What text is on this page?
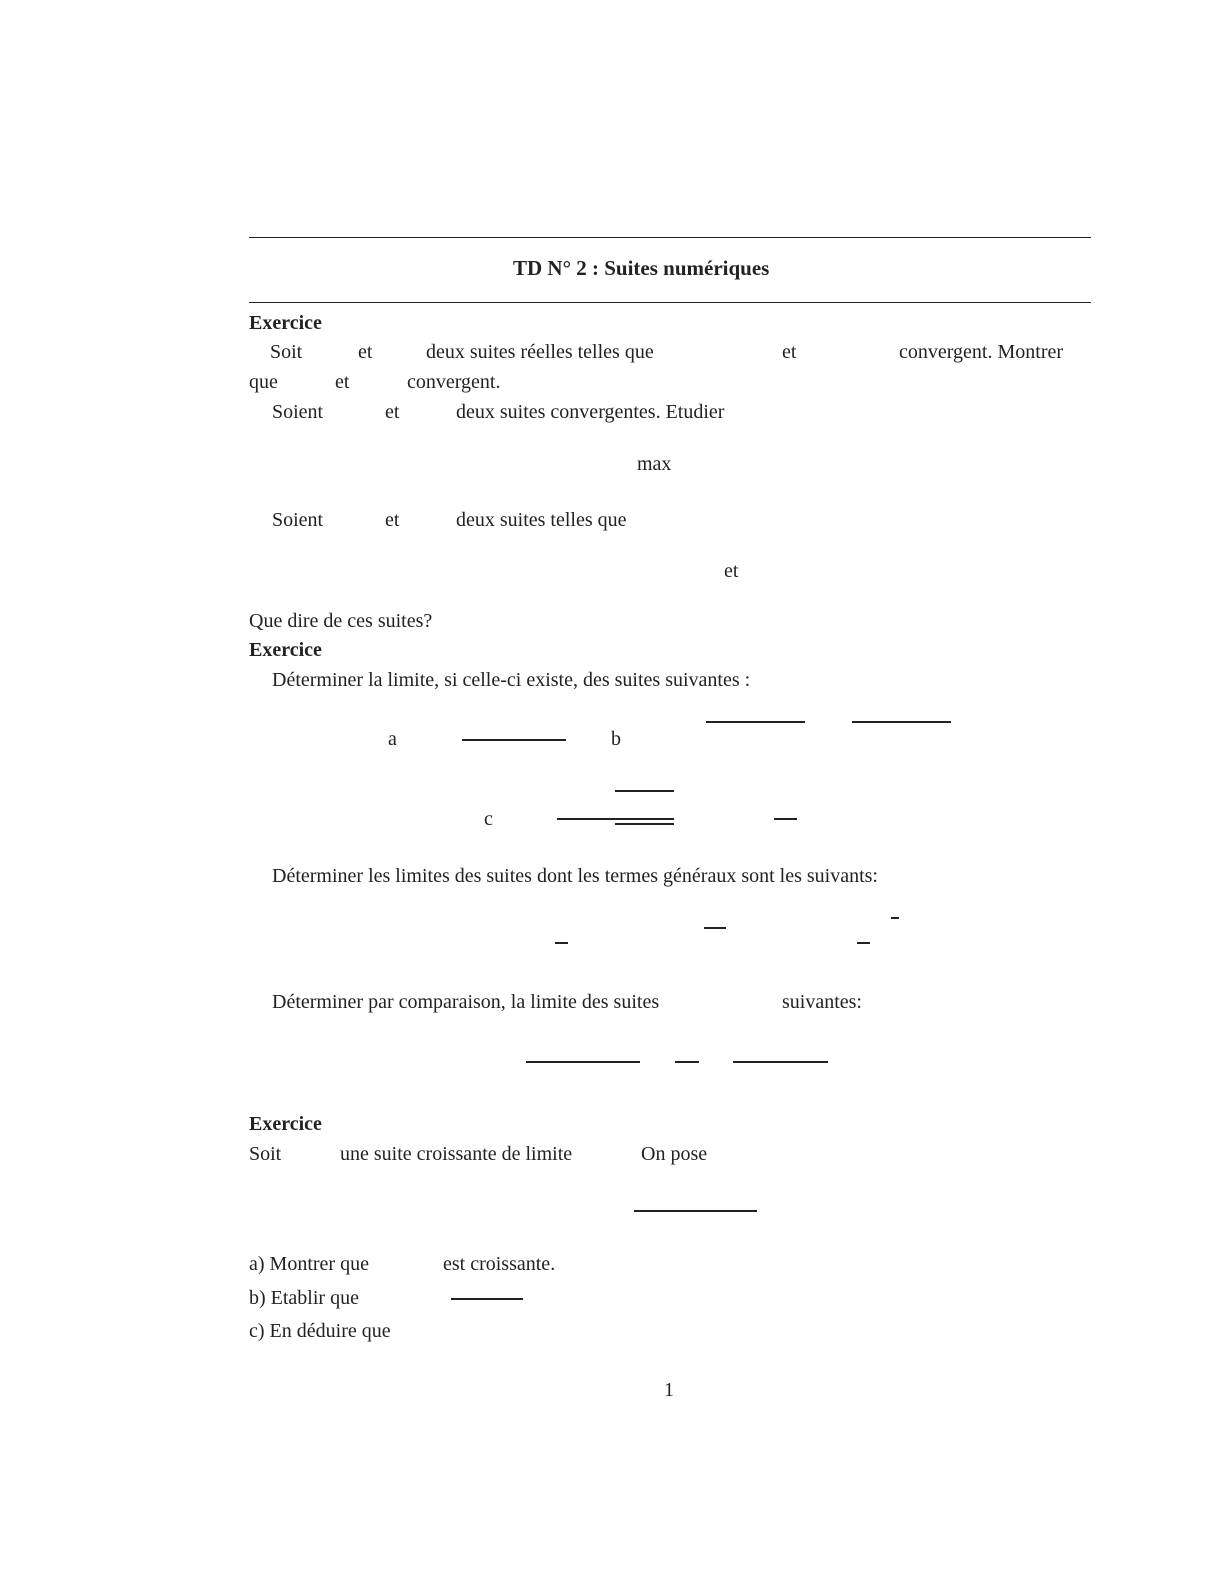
TD N° 2 : Suites numériques
Exercice
Soit	et	deux suites réelles telles que	et	convergent. Montrer
que	et	convergent.
Soient	et	deux suites convergentes. Etudier
max
Soient	et	deux suites telles que
et
Que dire de ces suites?
Exercice
Déterminer la limite, si celle-ci existe, des suites suivantes :
a	b
c
Déterminer les limites des suites dont les termes généraux sont les suivants:
Déterminer par comparaison, la limite des suites	suivantes:
Exercice
Soit	une suite croissante de limite	On pose
a) Montrer que	est croissante.
b) Etablir que
c) En déduire que
1
